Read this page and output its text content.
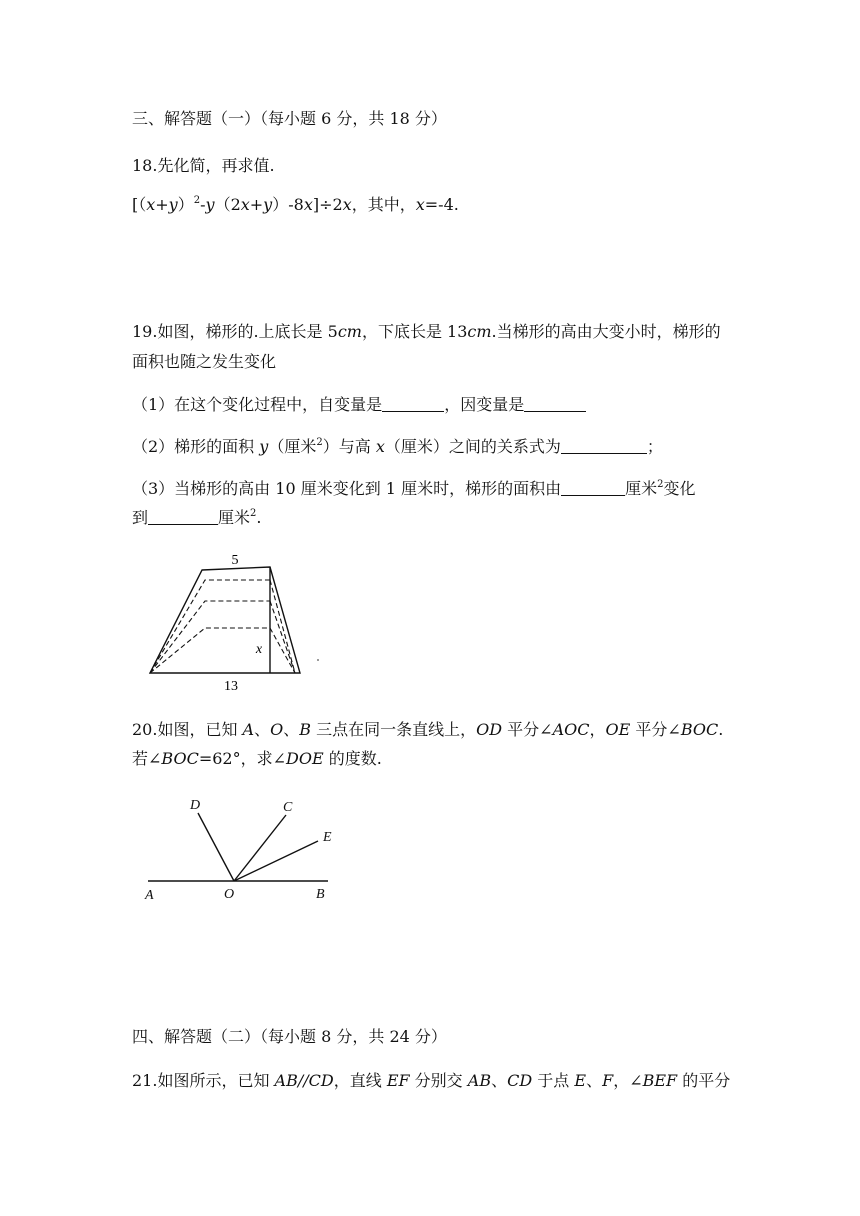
三、解答题（一）（每小题 6 分，共 18 分）
18.先化简，再求值.
$[(x+y)^2-y(2x+y)-8x]\div 2x$，其中，x=-4.
19.如图，梯形的.上底长是 5cm，下底长是 13cm.当梯形的高由大变小时，梯形的
面积也随之发生变化
（1）在这个变化过程中，自变量是	，因变量是
（2）梯形的面积 y（厘米$^2$）与高 x（厘米）之间的关系式为	；
（3）当梯形的高由 10 厘米变化到 1 厘米时，梯形的面积由	厘米$^2$变化
到	厘米$^2$.
5
13
x
20.如图，已知 A、O、B 三点在同一条直线上，OD 平分∠AOC，OE 平分∠BOC.
若∠BOC=62°，求∠DOE 的度数.
D	C
E
A	O	B
四、解答题（二）（每小题 8 分，共 24 分）
21.如图所示，已知 AB//CD，直线 EF 分别交 AB、CD 于点 E、F，∠BEF 的平分
